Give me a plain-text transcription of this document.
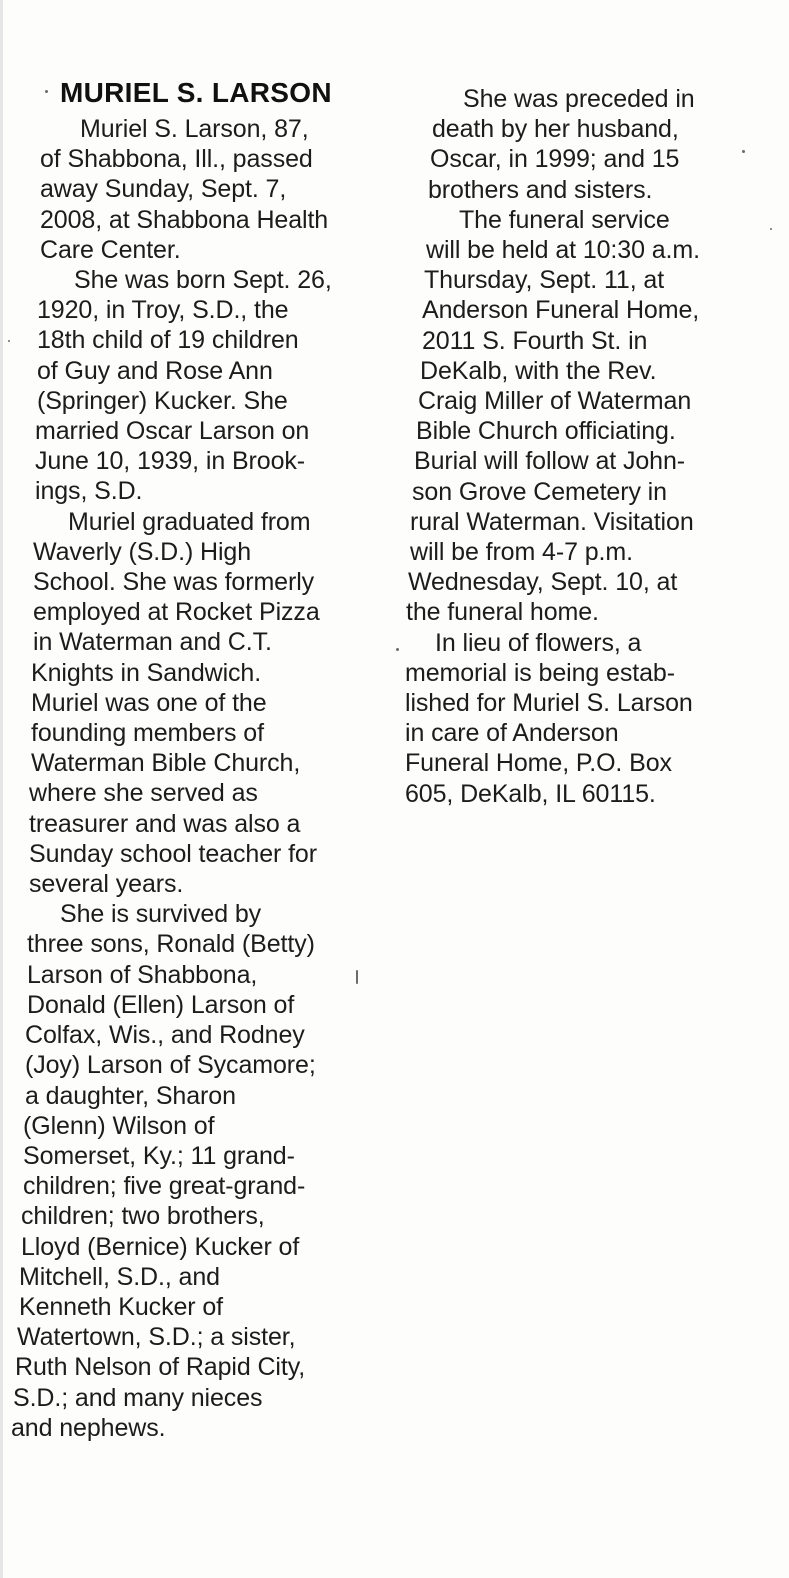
MURIEL S. LARSON
Muriel S. Larson, 87,
of Shabbona, Ill., passed
away Sunday, Sept. 7,
2008, at Shabbona Health
Care Center.
She was born Sept. 26,
1920, in Troy, S.D., the
18th child of 19 children
of Guy and Rose Ann
(Springer) Kucker. She
married Oscar Larson on
June 10, 1939, in Brook-
ings, S.D.
Muriel graduated from
Waverly (S.D.) High
School. She was formerly
employed at Rocket Pizza
in Waterman and C.T.
Knights in Sandwich.
Muriel was one of the
founding members of
Waterman Bible Church,
where she served as
treasurer and was also a
Sunday school teacher for
several years.
She is survived by
three sons, Ronald (Betty)
Larson of Shabbona,
Donald (Ellen) Larson of
Colfax, Wis., and Rodney
(Joy) Larson of Sycamore;
a daughter, Sharon
(Glenn) Wilson of
Somerset, Ky.; 11 grand-
children; five great-grand-
children; two brothers,
Lloyd (Bernice) Kucker of
Mitchell, S.D., and
Kenneth Kucker of
Watertown, S.D.; a sister,
Ruth Nelson of Rapid City,
S.D.; and many nieces
and nephews.
She was preceded in
death by her husband,
Oscar, in 1999; and 15
brothers and sisters.
The funeral service
will be held at 10:30 a.m.
Thursday, Sept. 11, at
Anderson Funeral Home,
2011 S. Fourth St. in
DeKalb, with the Rev.
Craig Miller of Waterman
Bible Church officiating.
Burial will follow at John-
son Grove Cemetery in
rural Waterman. Visitation
will be from 4-7 p.m.
Wednesday, Sept. 10, at
the funeral home.
In lieu of flowers, a
memorial is being estab-
lished for Muriel S. Larson
in care of Anderson
Funeral Home, P.O. Box
605, DeKalb, IL 60115.
